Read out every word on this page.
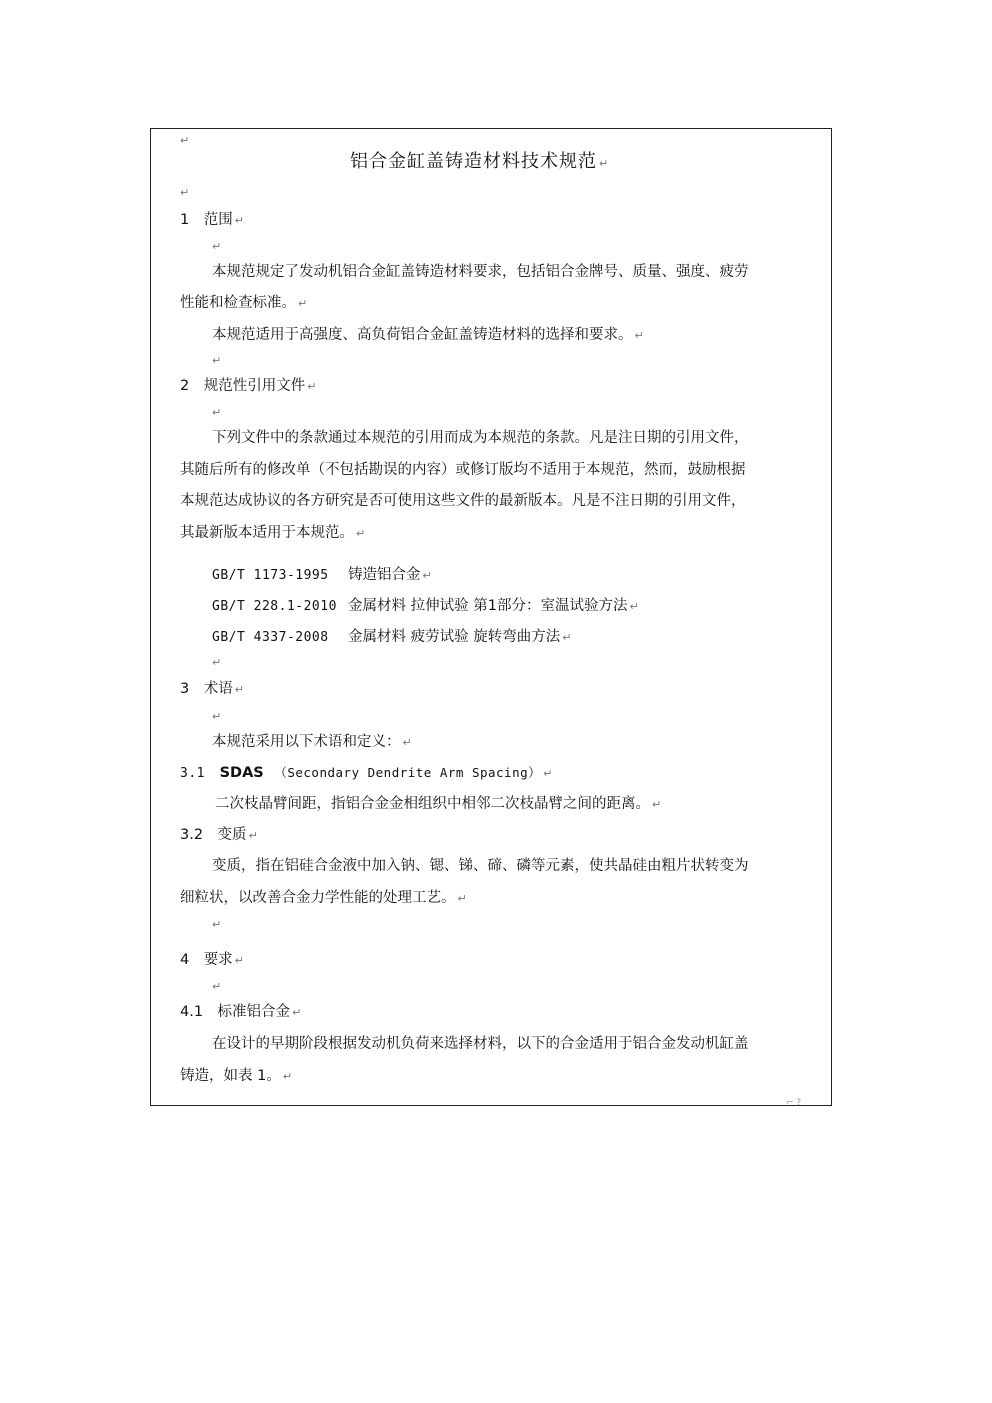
↵
↵
↵
↵
↵
↵
↵
↵
↵
铝合金缸盖铸造材料技术规范 ↵
1　范围 ↵
本规范规定了发动机铝合金缸盖铸造材料要求，包括铝合金牌号、质量、强度、疲劳
性能和检查标准。 ↵
本规范适用于高强度、高负荷铝合金缸盖铸造材料的选择和要求。 ↵
2　规范性引用文件 ↵
下列文件中的条款通过本规范的引用而成为本规范的条款。凡是注日期的引用文件，
其随后所有的修改单（不包括勘误的内容）或修订版均不适用于本规范，然而，鼓励根据
本规范达成协议的各方研究是否可使用这些文件的最新版本。凡是不注日期的引用文件，
其最新版本适用于本规范。 ↵
GB/T 1173-1995 铸造铝合金 ↵
GB/T 228.1-2010 金属材料 拉伸试验 第1部分：室温试验方法 ↵
GB/T 4337-2008 金属材料 疲劳试验 旋转弯曲方法 ↵
3　术语 ↵
本规范采用以下术语和定义： ↵
3.1 SDAS （Secondary Dendrite Arm Spacing） ↵
二次枝晶臂间距，指铝合金金相组织中相邻二次枝晶臂之间的距离。 ↵
3.2　变质 ↵
变质，指在铝硅合金液中加入钠、锶、锑、碲、磷等元素，使共晶硅由粗片状转变为
细粒状，以改善合金力学性能的处理工艺。 ↵
4　要求 ↵
4.1　标准铝合金 ↵
在设计的早期阶段根据发动机负荷来选择材料，以下的合金适用于铝合金发动机缸盖
铸造，如表 1。 ↵
⌐ ?
